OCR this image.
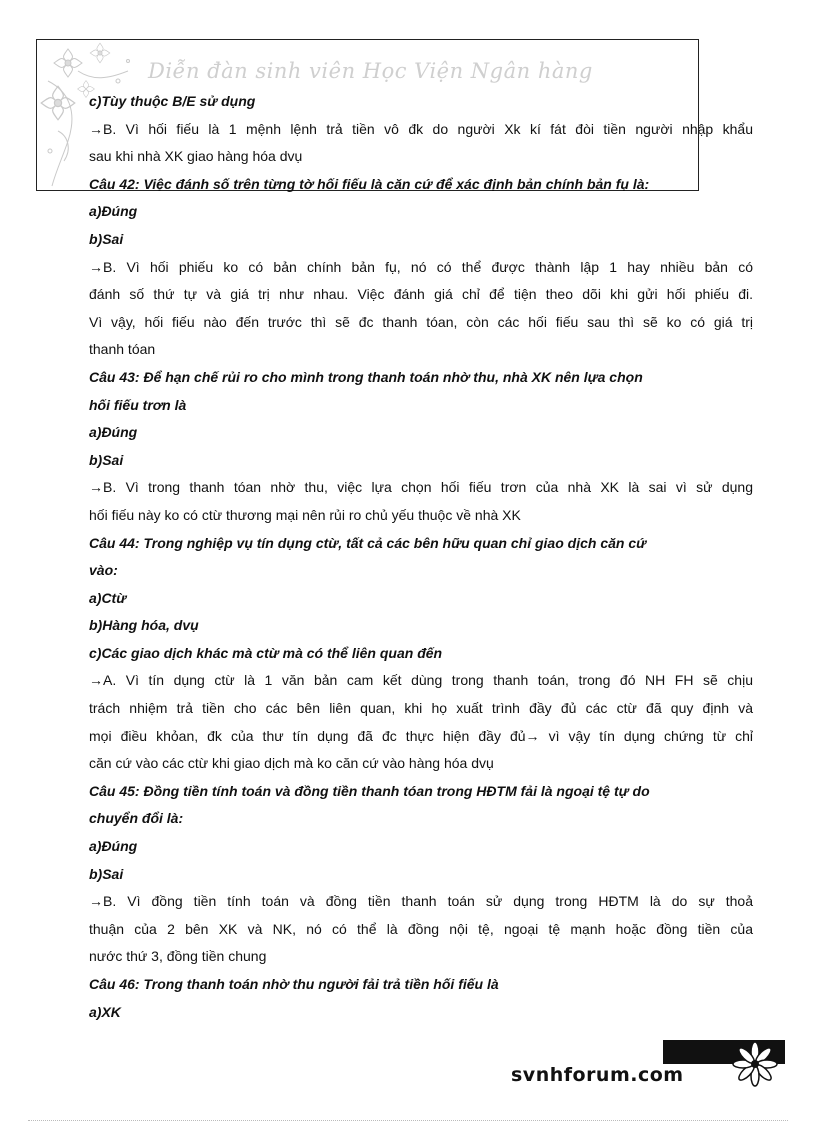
Diễn đàn sinh viên Học Viện Ngân hàng
c)Tùy thuộc B/E sử dụng
→B. Vì hối fiếu là 1 mệnh lệnh trả tiền vô đk do người Xk kí fát đòi tiền người nhập khẩu
sau khi nhà XK giao hàng hóa dvụ
Câu 42: Việc đánh số trên từng tờ hối fiếu là căn cứ để xác định bản chính bản fụ là:
a)Đúng
b)Sai
→B. Vì hối phiếu ko có bản chính bản fụ, nó có thể được thành lập 1 hay nhiều bản có
đánh số thứ tự và giá trị như nhau. Việc đánh giá chỉ để tiện theo dõi khi gửi hối phiếu đi.
Vì vậy, hối fiếu nào đến trước thì sẽ đc thanh tóan, còn các hối fiếu sau thì sẽ ko có giá trị
thanh tóan
Câu 43: Để hạn chế rủi ro cho mình trong thanh toán nhờ thu, nhà XK nên lựa chọn
hối fiếu trơn là
a)Đúng
b)Sai
→B. Vì trong thanh tóan nhờ thu, việc lựa chọn hối fiếu trơn của nhà XK là sai vì sử dụng
hối fiếu này ko có ctừ thương mại nên rủi ro chủ yếu thuộc về nhà XK
Câu 44: Trong nghiệp vụ tín dụng ctừ, tất cả các bên hữu quan chỉ giao dịch căn cứ
vào:
a)Ctừ
b)Hàng hóa, dvụ
c)Các giao dịch khác mà ctừ mà có thể liên quan đến
→A. Vì tín dụng ctừ là 1 văn bản cam kết dùng trong thanh toán, trong đó NH FH sẽ chịu
trách nhiệm trả tiền cho các bên liên quan, khi họ xuất trình đầy đủ các ctừ đã quy định và
mọi điều khỏan, đk của thư tín dụng đã đc thực hiện đầy đủ→ vì vậy tín dụng chứng từ chỉ
căn cứ vào các ctừ khi giao dịch mà ko căn cứ vào hàng hóa dvụ
Câu 45: Đồng tiền tính toán và đồng tiền thanh tóan trong HĐTM fải là ngoại tệ tự do
chuyển đổi là:
a)Đúng
b)Sai
→B. Vì đồng tiền tính toán và đồng tiền thanh toán sử dụng trong HĐTM là do sự thoả
thuận của 2 bên XK và NK, nó có thể là đồng nội tệ, ngoại tệ mạnh hoặc đồng tiền của
nước thứ 3, đồng tiền chung
Câu 46: Trong thanh toán nhờ thu người fải trả tiền hối fiếu là
a)XK
svnhforum.com
